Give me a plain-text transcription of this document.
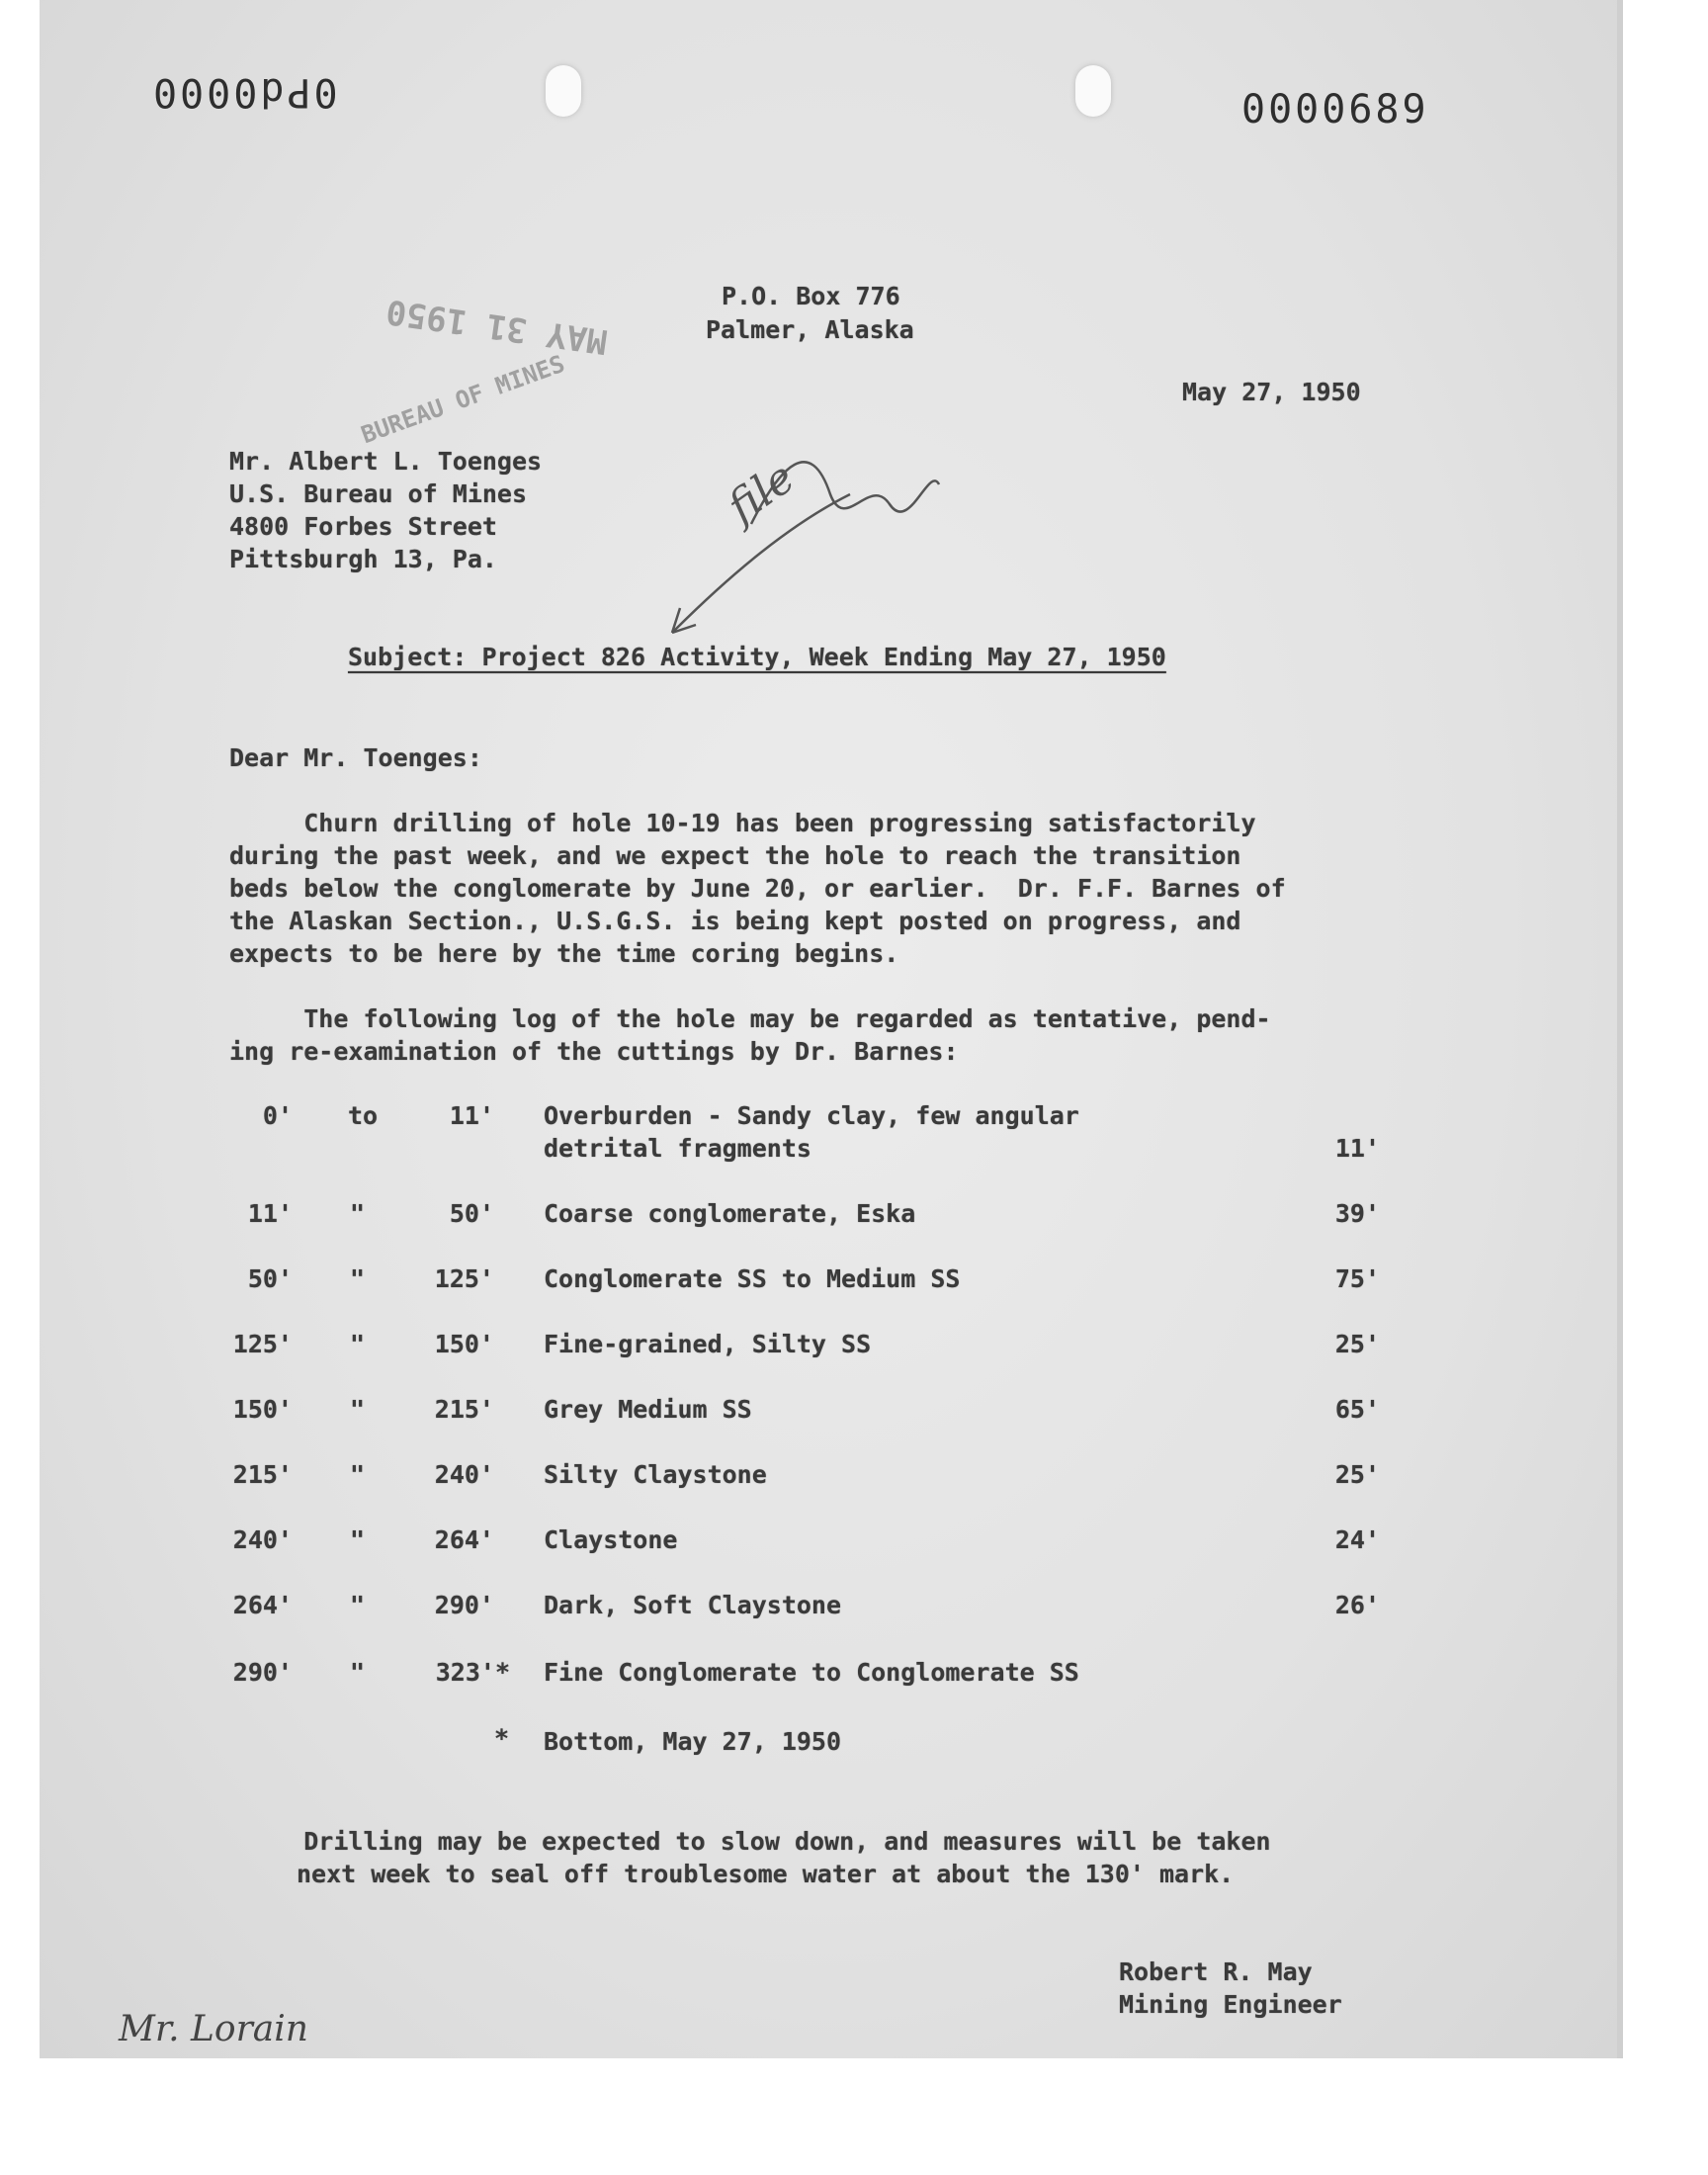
0Pd0000	0000689
MAY 31 1950
BUREAU OF MINES
P.O. Box 776
Palmer, Alaska
May 27, 1950
Mr. Albert L. Toenges
U.S. Bureau of Mines
4800 Forbes Street
Pittsburgh 13, Pa.
file
Subject: Project 826 Activity, Week Ending May 27, 1950
Dear Mr. Toenges:
Churn drilling of hole 10-19 has been progressing satisfactorily
during the past week, and we expect the hole to reach the transition
beds below the conglomerate by June 20, or earlier.  Dr. F.F. Barnes of
the Alaskan Section., U.S.G.S. is being kept posted on progress, and
expects to be here by the time coring begins.
The following log of the hole may be regarded as tentative, pend-
ing re-examination of the cuttings by Dr. Barnes:
0' to	11' Overburden - Sandy clay, few angular
detrital fragments	11'
11' "	50' Coarse conglomerate, Eska	39'
50' "	125' Conglomerate SS to Medium SS	75'
125' "	150' Fine-grained, Silty SS	25'
150' "	215' Grey Medium SS	65'
215' "	240' Silty Claystone	25'
240' "	264' Claystone	24'
264' "	290' Dark, Soft Claystone	26'
290' "	323'* Fine Conglomerate to Conglomerate SS
* Bottom, May 27, 1950
Drilling may be expected to slow down, and measures will be taken
next week to seal off troublesome water at about the 130' mark.
Robert R. May
Mining Engineer
Mr. Lorain
